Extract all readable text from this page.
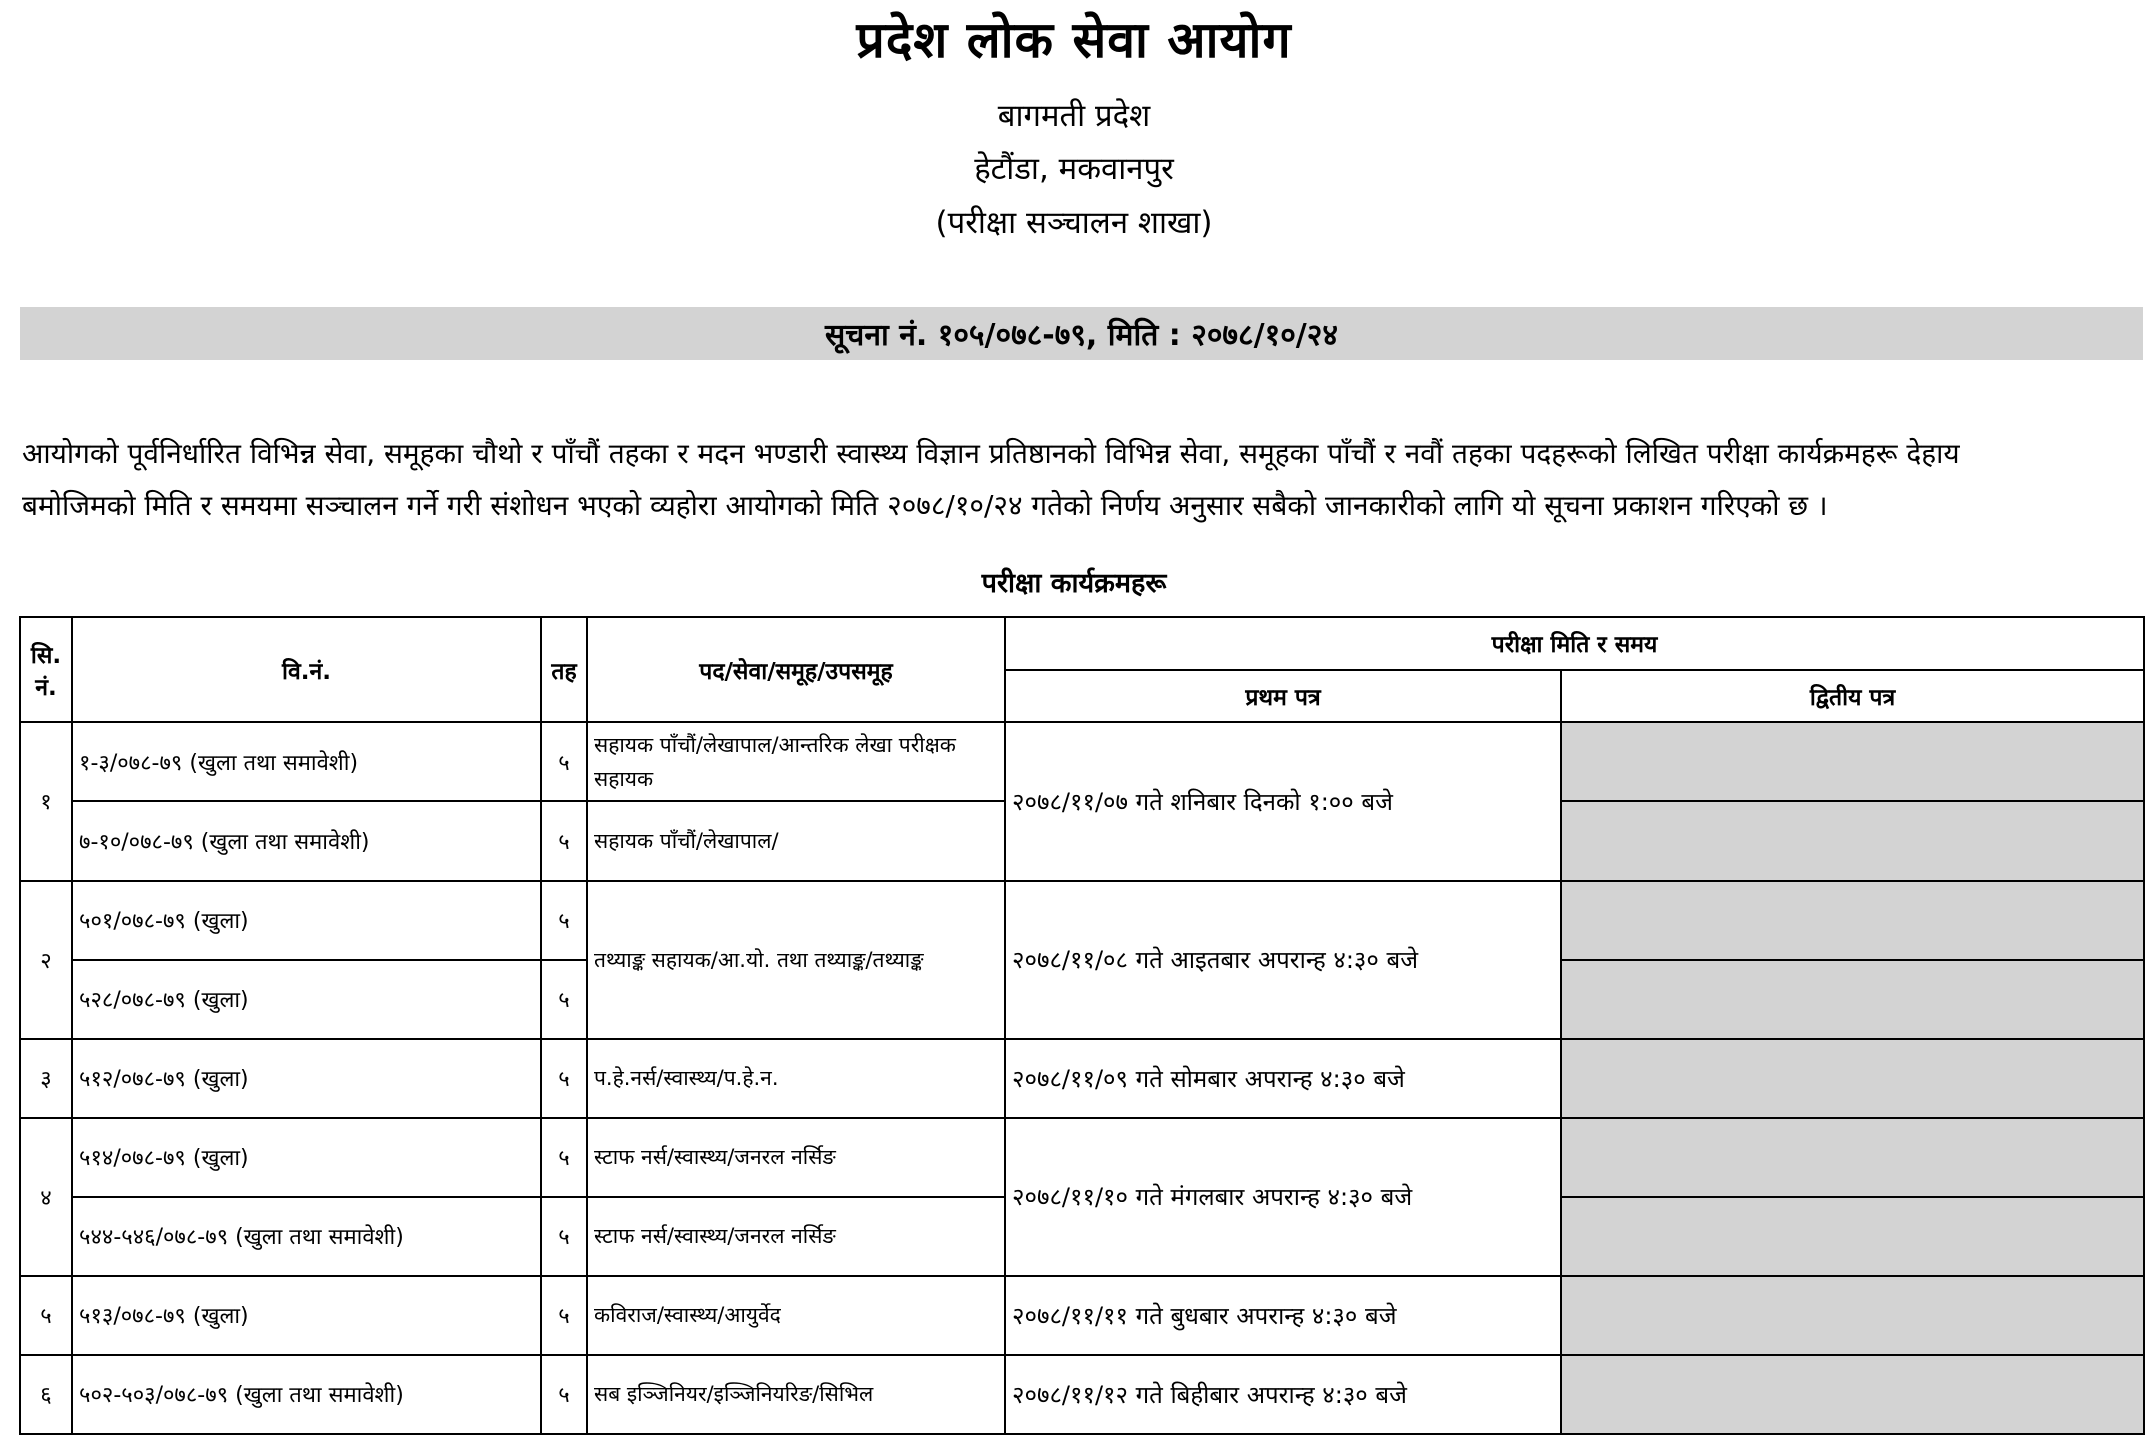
प्रदेश लोक सेवा आयोग
बागमती प्रदेश
हेटौंडा, मकवानपुर
(परीक्षा सञ्चालन शाखा)
सूचना नं. १०५/०७८-७९, मिति : २०७८/१०/२४

आयोगको पूर्वनिर्धारित विभिन्न सेवा, समूहका चौथो र पाँचौं तहका र मदन भण्डारी स्वास्थ्य विज्ञान प्रतिष्ठानको विभिन्न सेवा, समूहका पाँचौं र नवौं तहका पदहरूको लिखित परीक्षा कार्यक्रमहरू देहाय

बमोजिमको मिति र समयमा सञ्चालन गर्ने गरी संशोधन भएको व्यहोरा आयोगको मिति २०७८/१०/२४ गतेको निर्णय अनुसार सबैको जानकारीको लागि यो सूचना प्रकाशन गरिएको छ ।

परीक्षा कार्यक्रमहरू
सि. नं.	वि.नं.	तह	पद/सेवा/समूह/उपसमूह	परीक्षा मिति र समय	
				प्रथम पत्र	द्वितीय पत्र
१	१-३/०७८-७९ (खुला तथा समावेशी)	५	सहायक पाँचौं/लेखापाल/आन्तरिक लेखा परीक्षक सहायक	२०७८/११/०७ गते शनिबार दिनको १:०० बजे	
	७-१०/०७८-७९ (खुला तथा समावेशी)	५	सहायक पाँचौं/लेखापाल/		
२	५०१/०७८-७९ (खुला)	५	तथ्याङ्क सहायक/आ.यो. तथा तथ्याङ्क/तथ्याङ्क	२०७८/११/०८ गते आइतबार अपरान्ह ४:३० बजे	
	५२८/०७८-७९ (खुला)	५			
३	५१२/०७८-७९ (खुला)	५	प.हे.नर्स/स्वास्थ्य/प.हे.न.	२०७८/११/०९ गते सोमबार अपरान्ह ४:३० बजे	
४	५१४/०७८-७९ (खुला)	५	स्टाफ नर्स/स्वास्थ्य/जनरल नर्सिङ	२०७८/११/१० गते मंगलबार अपरान्ह ४:३० बजे	
	५४४-५४६/०७८-७९ (खुला तथा समावेशी)	५	स्टाफ नर्स/स्वास्थ्य/जनरल नर्सिङ		
५	५१३/०७८-७९ (खुला)	५	कविराज/स्वास्थ्य/आयुर्वेद	२०७८/११/११ गते बुधबार अपरान्ह ४:३० बजे	
६	५०२-५०३/०७८-७९ (खुला तथा समावेशी)	५	सब इञ्जिनियर/इञ्जिनियरिङ/सिभिल	२०७८/११/१२ गते बिहीबार अपरान्ह ४:३० बजे	
